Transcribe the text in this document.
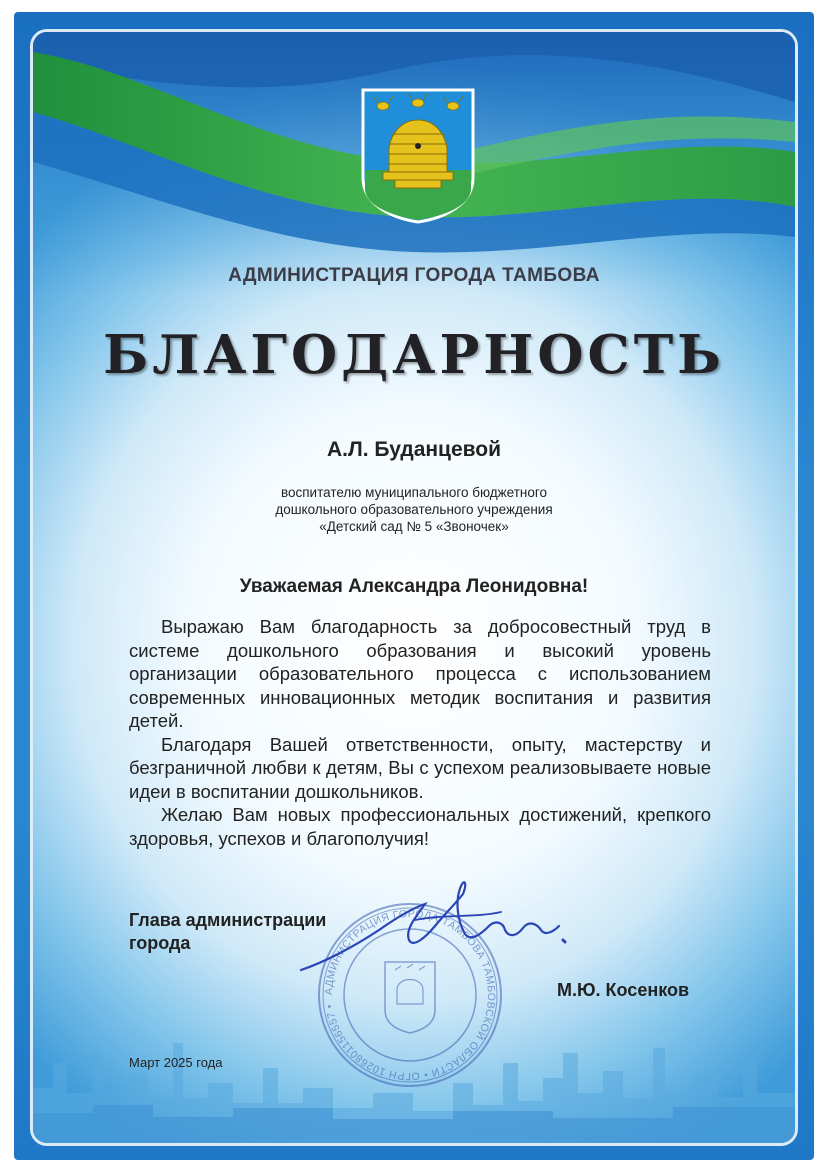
АДМИНИСТРАЦИЯ ГОРОДА ТАМБОВА
БЛАГОДАРНОСТЬ
А.Л. Буданцевой
воспитателю муниципального бюджетного
дошкольного образовательного учреждения
«Детский сад № 5 «Звоночек»
Уважаемая Александра Леонидовна!

Выражаю Вам благодарность за добросовестный труд в системе дошкольного образования и высокий уровень организации образовательного процесса с использованием современных инновационных методик воспитания и развития детей.

Благодаря Вашей ответственности, опыту, мастерству и безграничной любви к детям, Вы с успехом реализовываете новые идеи в воспитании дошкольников.

Желаю Вам новых профессиональных достижений, крепкого здоровья, успехов и благополучия!

АДМИНИСТРАЦИЯ ГОРОДА ТАМБОВА ТАМБОВСКОЙ ОБЛАСТИ • ОГРН 1026801156557 •
Глава администрации
города
М.Ю. Косенков
Март 2025 года
